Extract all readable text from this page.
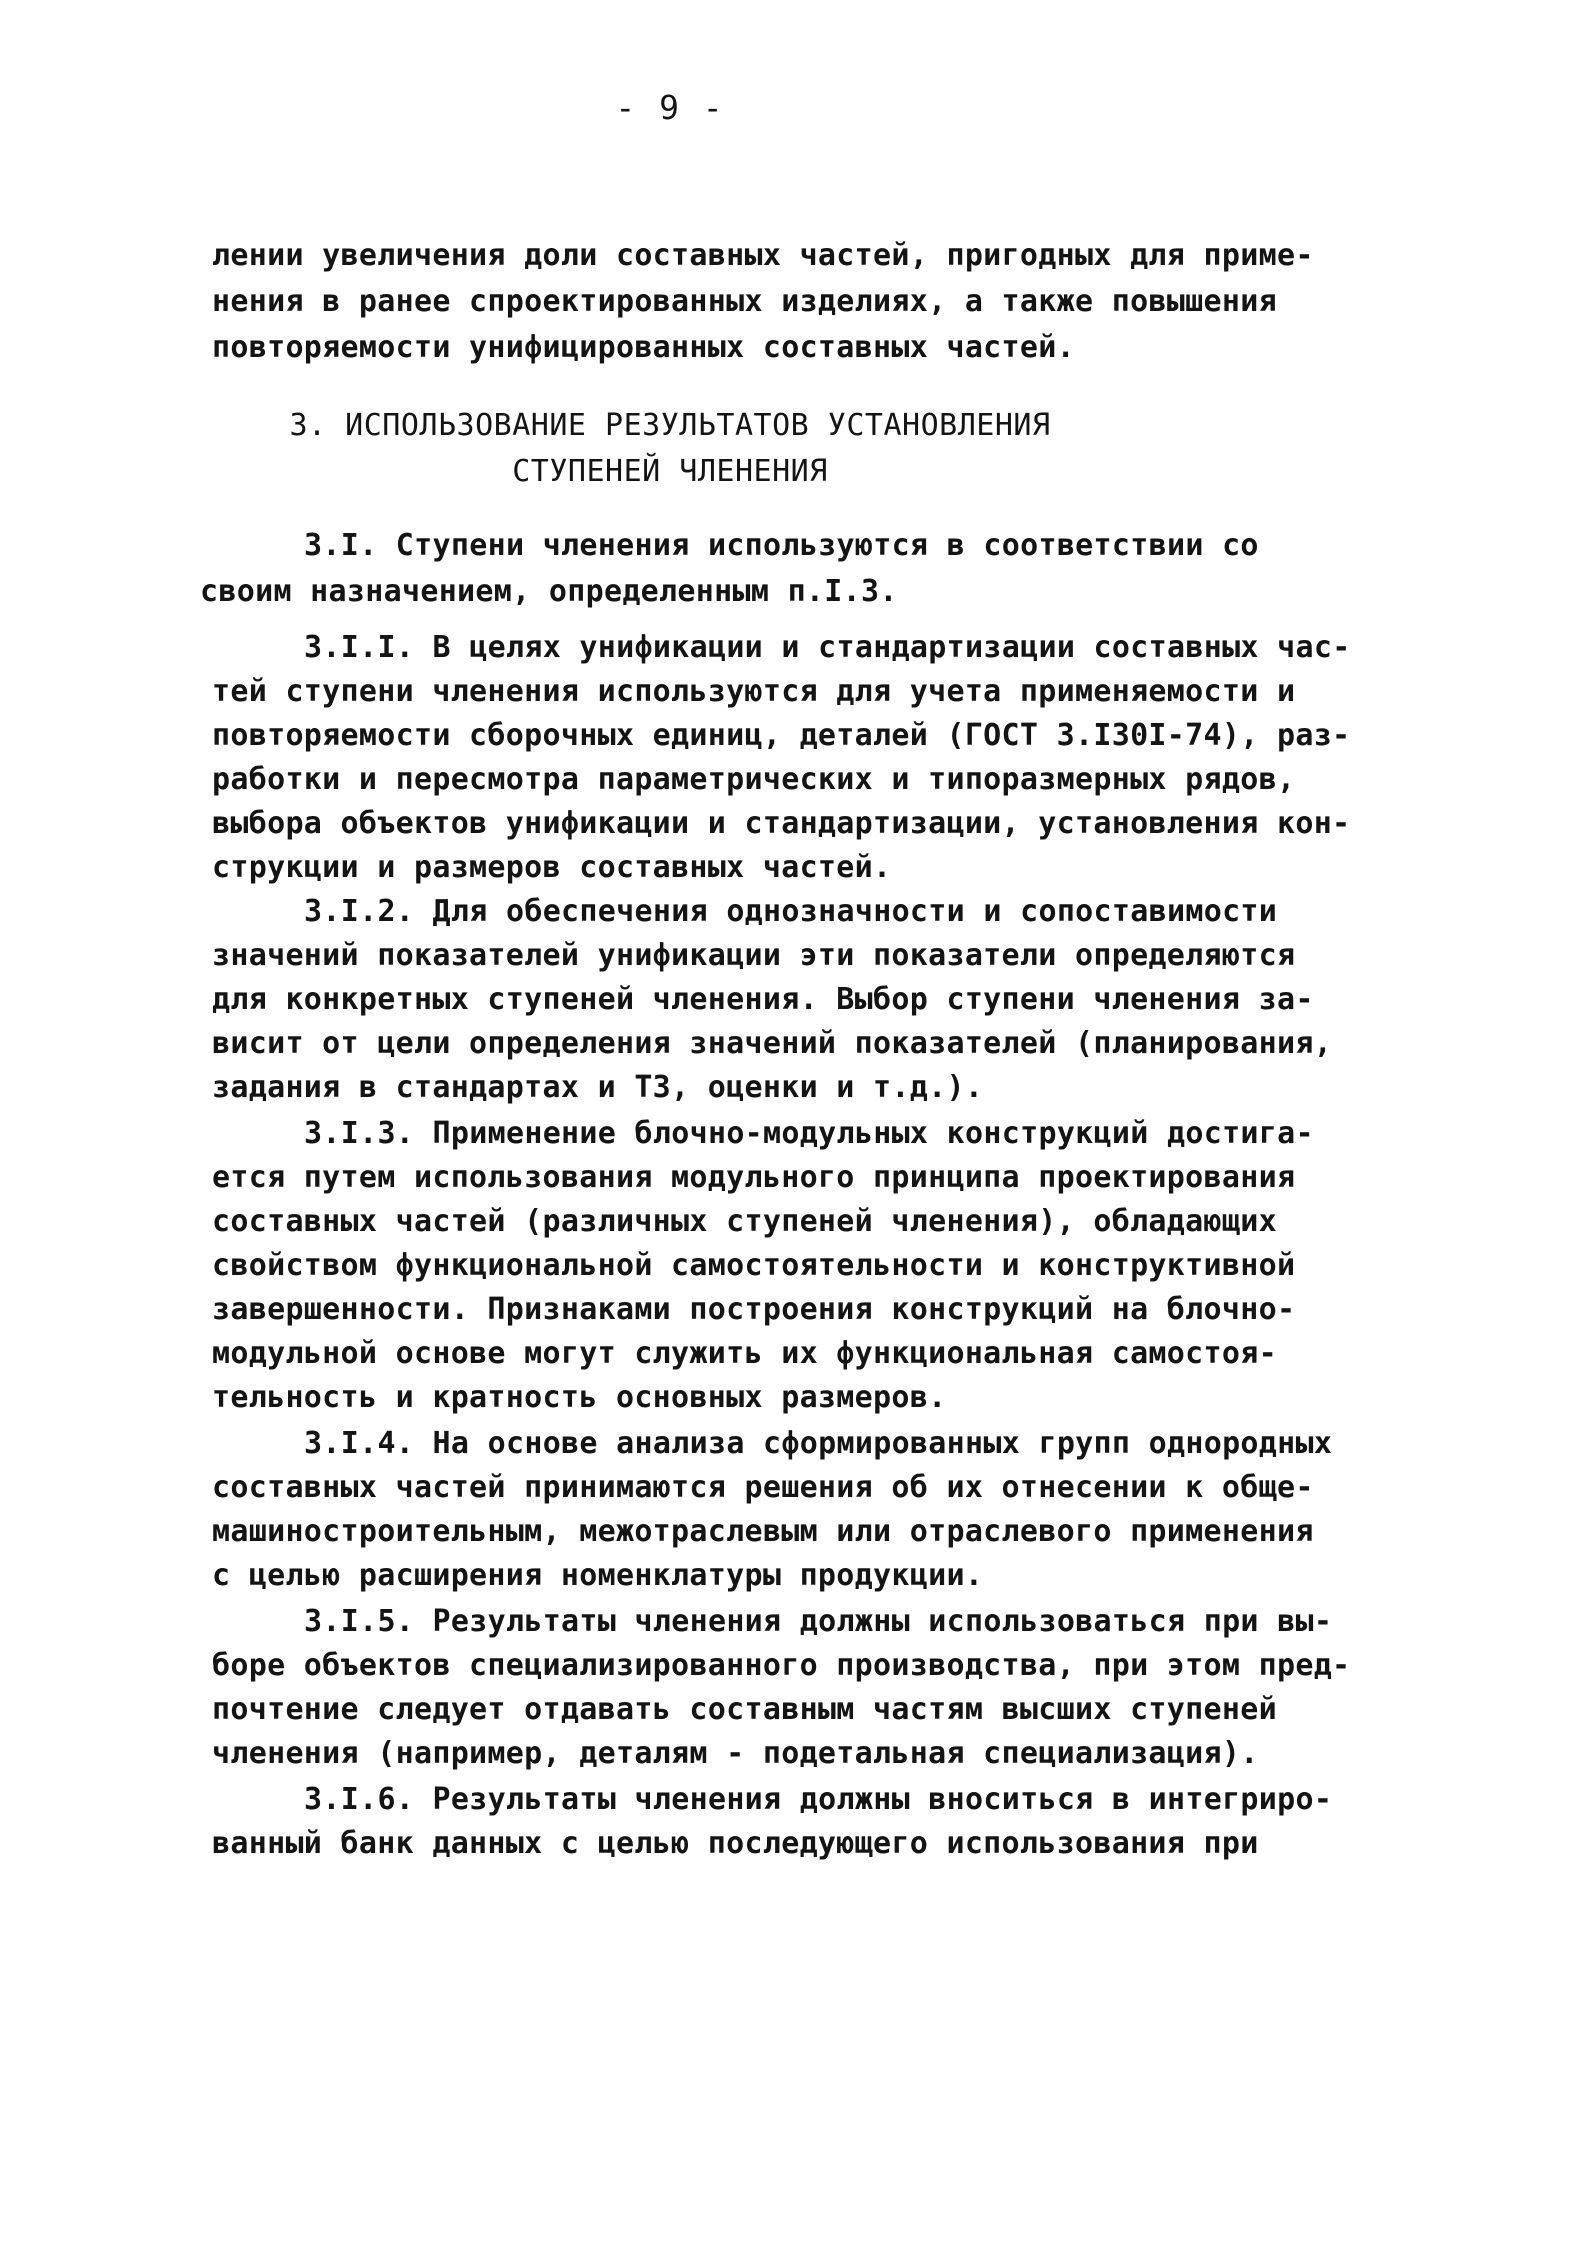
- 9 -
лении увеличения доли составных частей, пригодных для приме-
нения в ранее спроектированных изделиях, а также повышения
повторяемости унифицированных составных частей.
3. ИСПОЛЬЗОВАНИЕ РЕЗУЛЬТАТОВ УСТАНОВЛЕНИЯ
СТУПЕНЕЙ ЧЛЕНЕНИЯ
3.I. Ступени членения используются в соответствии со
своим назначением, определенным п.I.3.
3.I.I. В целях унификации и стандартизации составных час-
тей ступени членения используются для учета применяемости и
повторяемости сборочных единиц, деталей (ГОСТ 3.I30I-74), раз-
работки и пересмотра параметрических и типоразмерных рядов,
выбора объектов унификации и стандартизации, установления кон-
струкции и размеров составных частей.
3.I.2. Для обеспечения однозначности и сопоставимости
значений показателей унификации эти показатели определяются
для конкретных ступеней членения. Выбор ступени членения за-
висит от цели определения значений показателей (планирования,
задания в стандартах и ТЗ, оценки и т.д.).
3.I.3. Применение блочно-модульных конструкций достига-
ется путем использования модульного принципа проектирования
составных частей (различных ступеней членения), обладающих
свойством функциональной самостоятельности и конструктивной
завершенности. Признаками построения конструкций на блочно-
модульной основе могут служить их функциональная самостоя-
тельность и кратность основных размеров.
3.I.4. На основе анализа сформированных групп однородных
составных частей принимаются решения об их отнесении к обще-
машиностроительным, межотраслевым или отраслевого применения
с целью расширения номенклатуры продукции.
3.I.5. Результаты членения должны использоваться при вы-
боре объектов специализированного производства, при этом пред-
почтение следует отдавать составным частям высших ступеней
членения (например, деталям - подетальная специализация).
3.I.6. Результаты членения должны вноситься в интегриро-
ванный банк данных с целью последующего использования при
